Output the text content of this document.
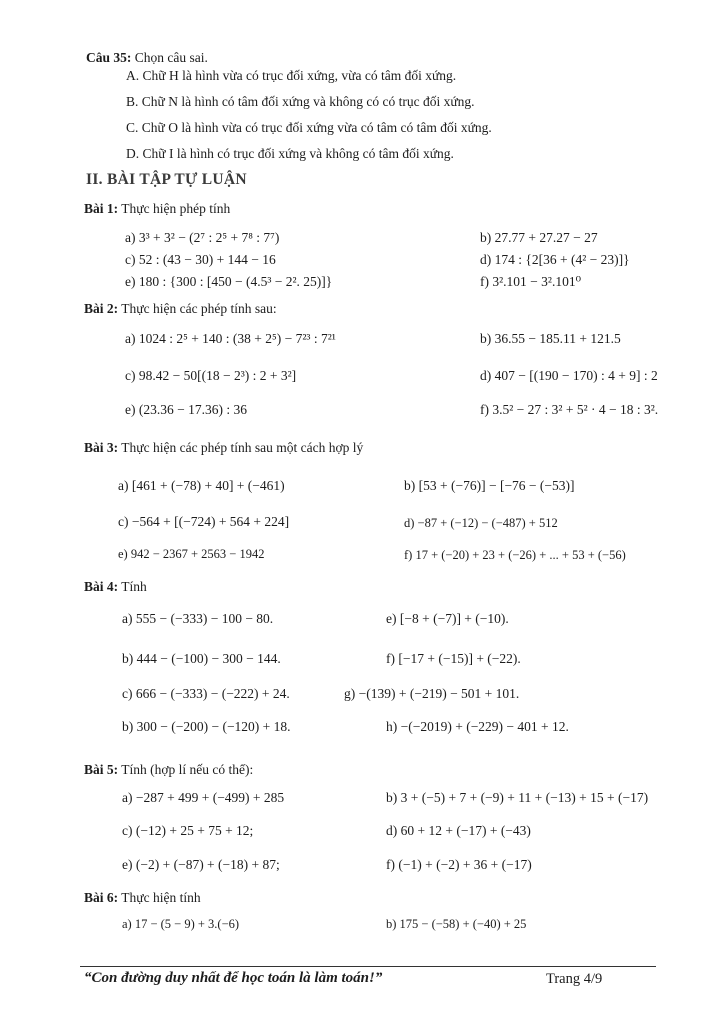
Câu 35: Chọn câu sai.
A. Chữ H là hình vừa có trục đối xứng, vừa có tâm đối xứng.
B. Chữ N là hình có tâm đối xứng và không có có trục đối xứng.
C. Chữ O là hình vừa có trục đối xứng vừa có tâm có tâm đối xứng.
D. Chữ I là hình có trục đối xứng và không có tâm đối xứng.
II. BÀI TẬP TỰ LUẬN
Bài 1: Thực hiện phép tính
a) 3³ + 3² − (2⁷ : 2⁵ + 7⁸ : 7⁷)	b) 27.77 + 27.27 − 27
c) 52 : (43 − 30) + 144 − 16	d) 174 : {2[36 + (4² − 23)]}
e) 180 : {300 : [450 − (4.5³ − 2². 25)]}	f) 3².101 − 3².101⁰
Bài 2: Thực hiện các phép tính sau:
a) 1024 : 2⁵ + 140 : (38 + 2⁵) − 7²³ : 7²¹	b) 36.55 − 185.11 + 121.5
c) 98.42 − 50[(18 − 2³) : 2 + 3²]	d) 407 − [(190 − 170) : 4 + 9] : 2
e) (23.36 − 17.36) : 36	f) 3.5² − 27 : 3² + 5² · 4 − 18 : 3².
Bài 3: Thực hiện các phép tính sau một cách hợp lý
a) [461 + (−78) + 40] + (−461)	b) [53 + (−76)] − [−76 − (−53)]
c) −564 + [(−724) + 564 + 224]	d) −87 + (−12) − (−487) + 512
e) 942 − 2367 + 2563 − 1942	f) 17 + (−20) + 23 + (−26) + ... + 53 + (−56)
Bài 4: Tính
a) 555 − (−333) − 100 − 80.	e) [−8 + (−7)] + (−10).
b) 444 − (−100) − 300 − 144.	f) [−17 + (−15)] + (−22).
c) 666 − (−333) − (−222) + 24.	g) −(139) + (−219) − 501 + 101.
b) 300 − (−200) − (−120) + 18.	h) −(−2019) + (−229) − 401 + 12.
Bài 5: Tính (hợp lí nếu có thể):
a) −287 + 499 + (−499) + 285	b) 3 + (−5) + 7 + (−9) + 11 + (−13) + 15 + (−17)
c) (−12) + 25 + 75 + 12;	d) 60 + 12 + (−17) + (−43)
e) (−2) + (−87) + (−18) + 87;	f) (−1) + (−2) + 36 + (−17)
Bài 6: Thực hiện tính
a) 17 − (5 − 9) + 3.(−6)	b) 175 − (−58) + (−40) + 25
“Con đường duy nhất để học toán là làm toán!”	Trang 4/9
